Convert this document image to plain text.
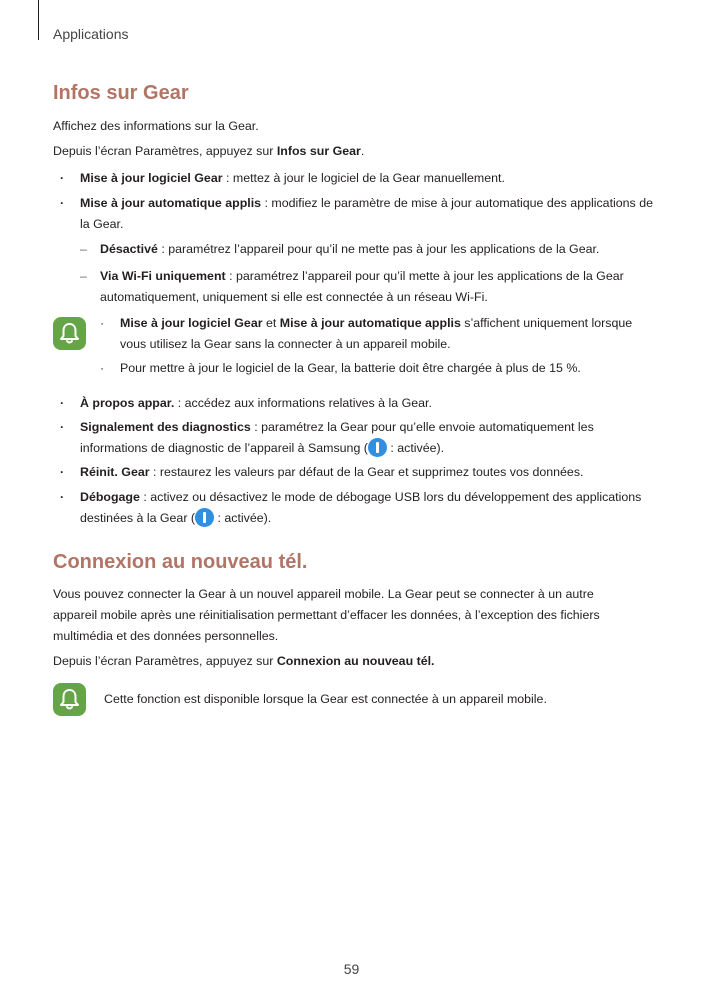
Applications
Infos sur Gear

Affichez des informations sur la Gear.

Depuis l’écran Paramètres, appuyez sur Infos sur Gear.

· Mise à jour logiciel Gear : mettez à jour le logiciel de la Gear manuellement.
· Mise à jour automatique applis : modifiez le paramètre de mise à jour automatique des applications de la Gear.
– Désactivé : paramétrez l’appareil pour qu’il ne mette pas à jour les applications de la Gear.
– Via Wi-Fi uniquement : paramétrez l’appareil pour qu’il mette à jour les applications de la Gear automatiquement, uniquement si elle est connectée à un réseau Wi-Fi.
· Mise à jour logiciel Gear et Mise à jour automatique applis s’affichent uniquement lorsque vous utilisez la Gear sans la connecter à un appareil mobile.
· Pour mettre à jour le logiciel de la Gear, la batterie doit être chargée à plus de 15 %.
· À propos appar. : accédez aux informations relatives à la Gear.
· Signalement des diagnostics : paramétrez la Gear pour qu’elle envoie automatiquement les informations de diagnostic de l’appareil à Samsung ( : activée).
· Réinit. Gear : restaurez les valeurs par défaut de la Gear et supprimez toutes vos données.
· Débogage : activez ou désactivez le mode de débogage USB lors du développement des applications destinées à la Gear ( : activée).
Connexion au nouveau tél.

Vous pouvez connecter la Gear à un nouvel appareil mobile. La Gear peut se connecter à un autre

appareil mobile après une réinitialisation permettant d’effacer les données, à l’exception des fichiers

multimédia et des données personnelles.

Depuis l’écran Paramètres, appuyez sur Connexion au nouveau tél.

Cette fonction est disponible lorsque la Gear est connectée à un appareil mobile.

59
